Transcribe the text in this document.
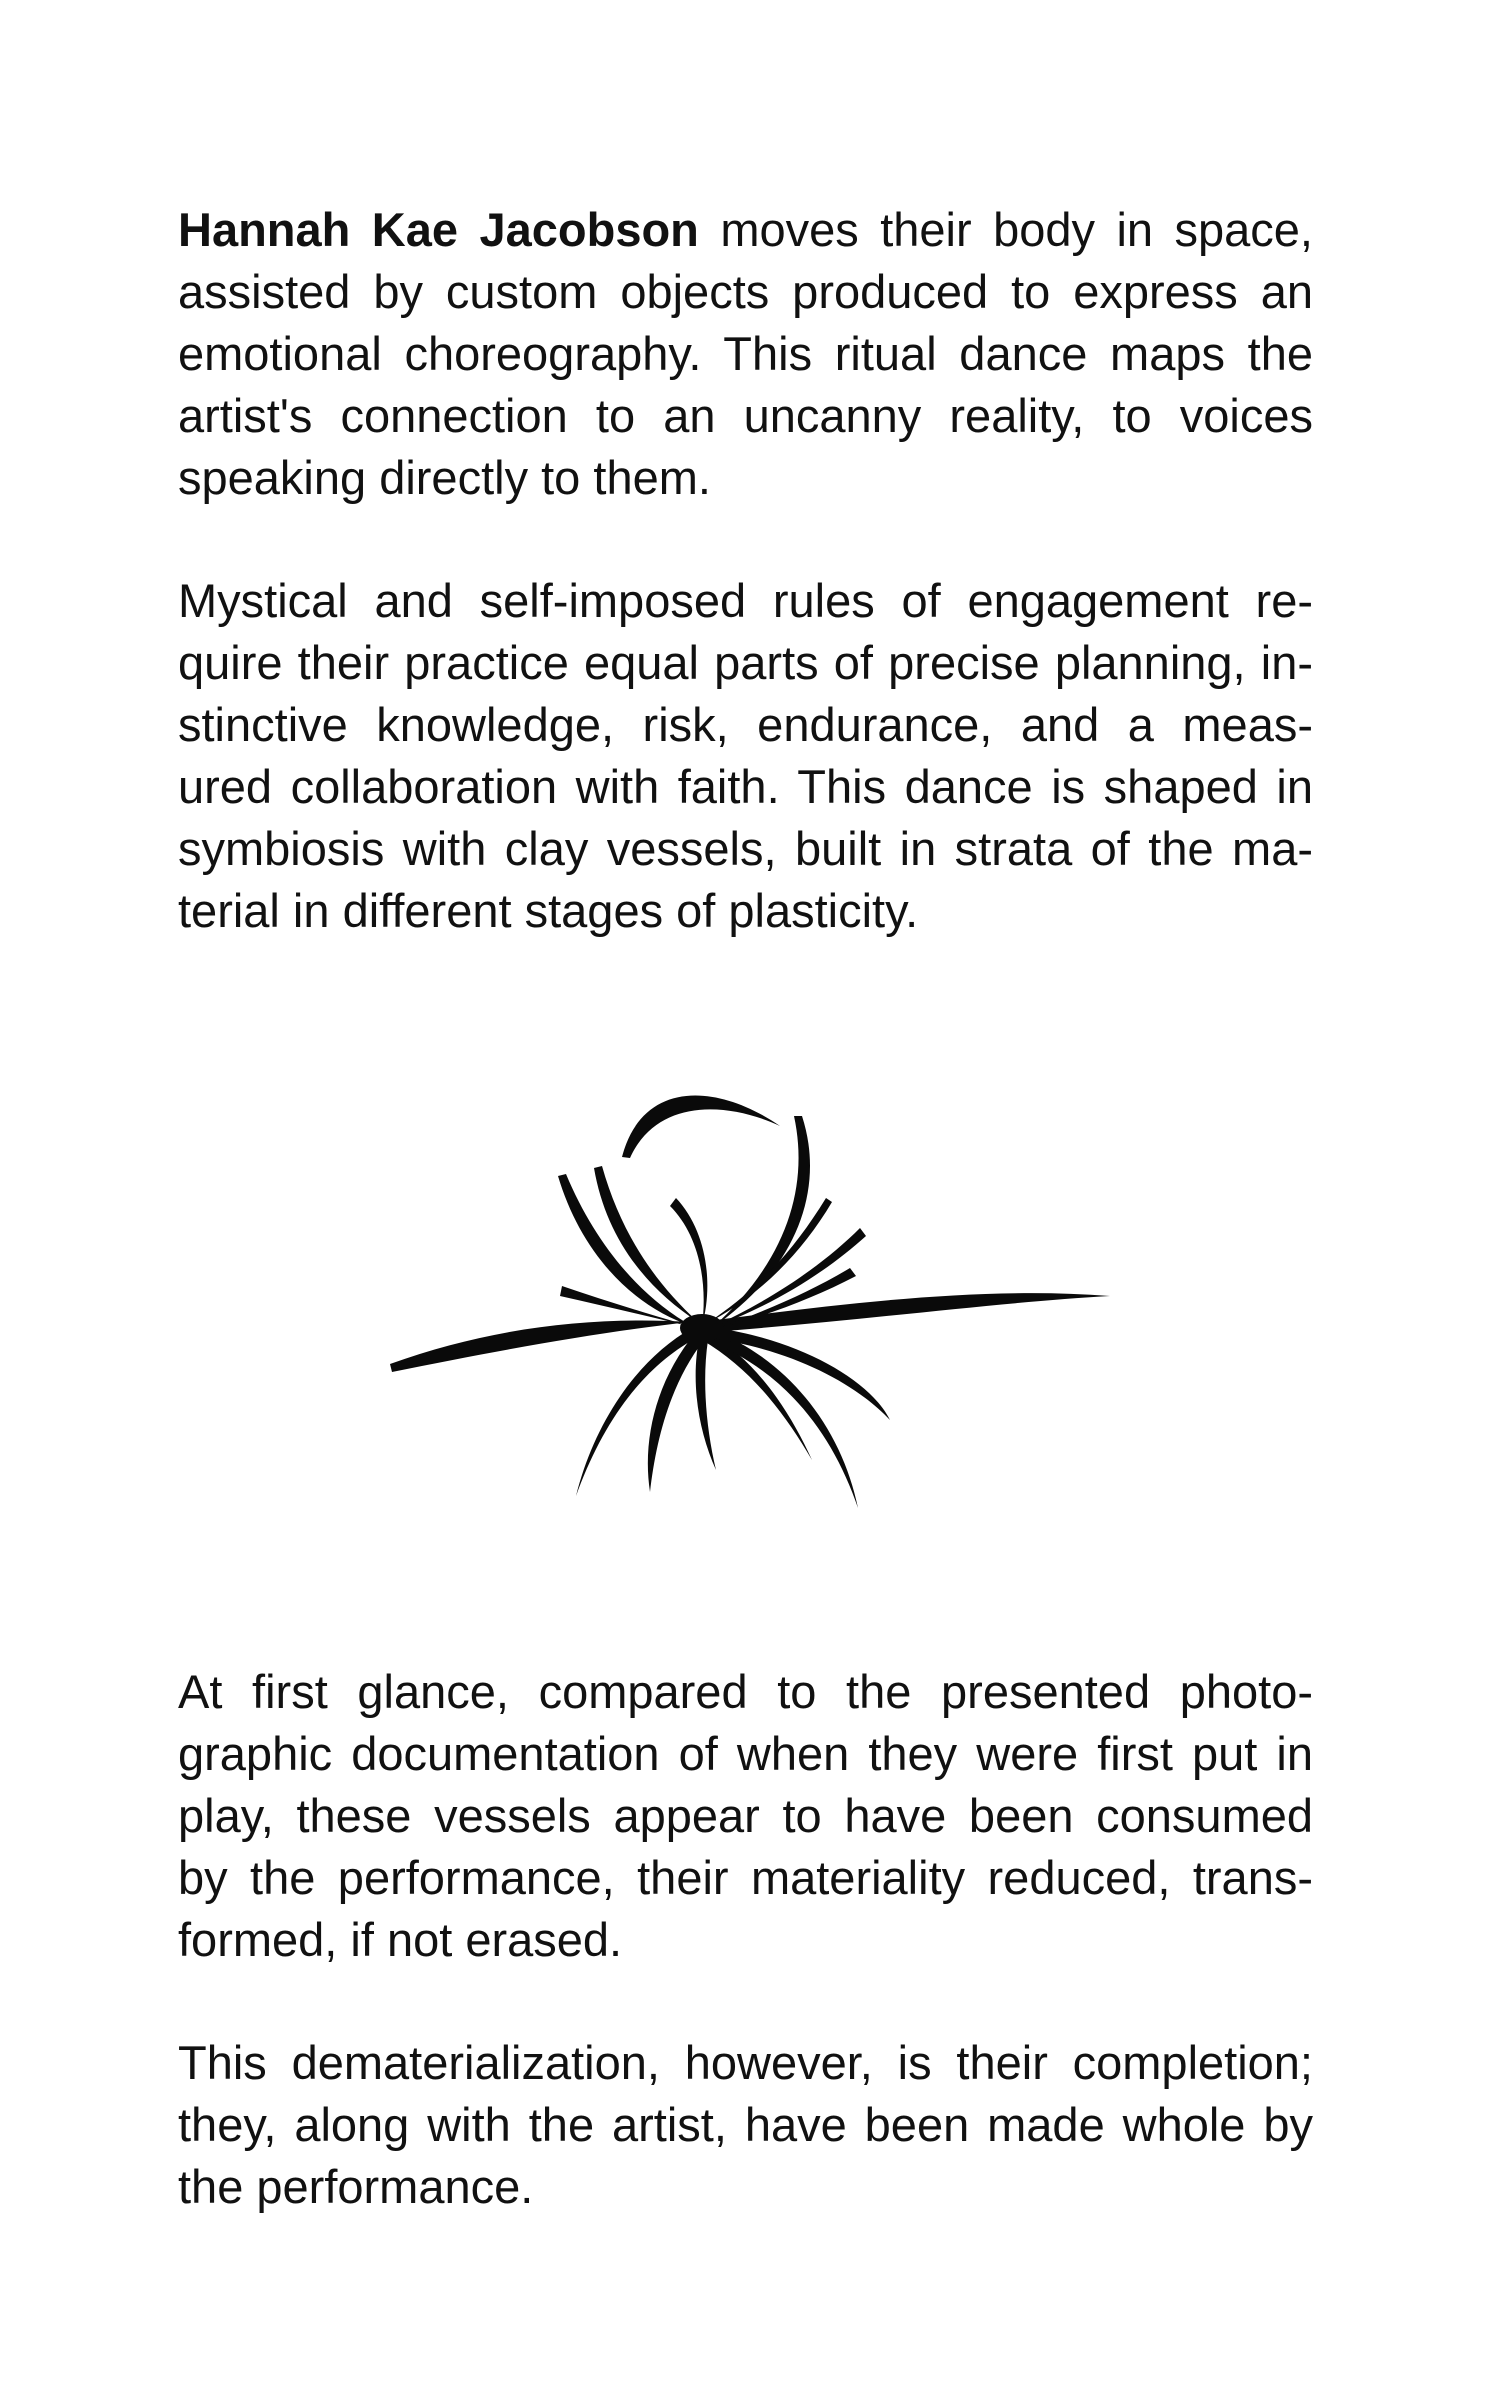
Hannah Kae Jacobson moves their body in space,
assisted by custom objects produced to express an
emotional choreography. This ritual dance maps the
artist's connection to an uncanny reality, to voices
speaking directly to them.

Mystical and self-imposed rules of engagement re-
quire their practice equal parts of precise planning, in-
stinctive knowledge, risk, endurance, and a meas-
ured collaboration with faith. This dance is shaped in
symbiosis with clay vessels, built in strata of the ma-
terial in different stages of plasticity.

At first glance, compared to the presented photo-
graphic documentation of when they were first put in
play, these vessels appear to have been consumed
by the performance, their materiality reduced, trans-
formed, if not erased.

This dematerialization, however, is their completion;
they, along with the artist, have been made whole by
the performance.
